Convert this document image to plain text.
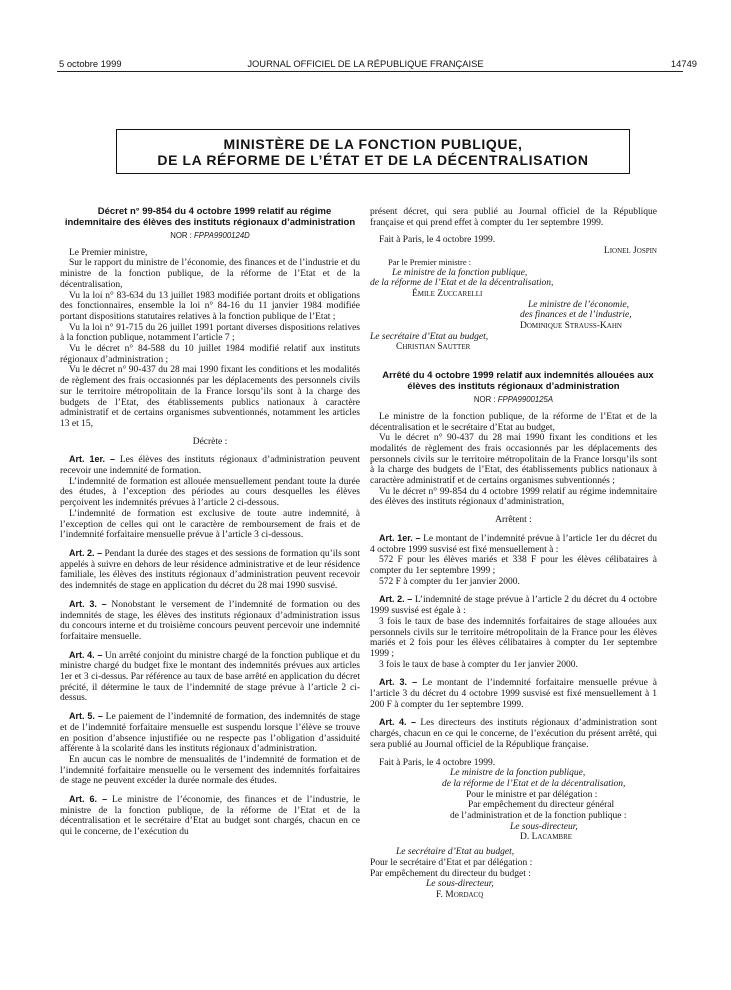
5 octobre 1999	JOURNAL OFFICIEL DE LA RÉPUBLIQUE FRANÇAISE	14749
MINISTÈRE DE LA FONCTION PUBLIQUE,
DE LA RÉFORME DE L’ÉTAT ET DE LA DÉCENTRALISATION

Décret n° 99-854 du 4 octobre 1999 relatif au régime indemnitaire des élèves des instituts régionaux d’administration

NOR : FPPA9900124D

Le Premier ministre,

Sur le rapport du ministre de l’économie, des finances et de l’industrie et du ministre de la fonction publique, de la réforme de l’Etat et de la décentralisation,

Vu la loi n° 83-634 du 13 juillet 1983 modifiée portant droits et obligations des fonctionnaires, ensemble la loi n° 84-16 du 11 janvier 1984 modifiée portant dispositions statutaires relatives à la fonction publique de l’Etat ;

Vu la loi n° 91-715 du 26 juillet 1991 portant diverses dispositions relatives à la fonction publique, notamment l’article 7 ;

Vu le décret n° 84-588 du 10 juillet 1984 modifié relatif aux instituts régionaux d’administration ;

Vu le décret n° 90-437 du 28 mai 1990 fixant les conditions et les modalités de règlement des frais occasionnés par les déplacements des personnels civils sur le territoire métropolitain de la France lorsqu’ils sont à la charge des budgets de l’Etat, des établissements publics nationaux à caractère administratif et de certains organismes subventionnés, notamment les articles 13 et 15,

Décrète :

Art. 1er. – Les élèves des instituts régionaux d’administration peuvent recevoir une indemnité de formation.

L’indemnité de formation est allouée mensuellement pendant toute la durée des études, à l’exception des périodes au cours desquelles les élèves perçoivent les indemnités prévues à l’article 2 ci-dessous.

L’indemnité de formation est exclusive de toute autre indemnité, à l’exception de celles qui ont le caractère de remboursement de frais et de l’indemnité forfaitaire mensuelle prévue à l’article 3 ci-dessous.

Art. 2. – Pendant la durée des stages et des sessions de formation qu’ils sont appelés à suivre en dehors de leur résidence administrative et de leur résidence familiale, les élèves des instituts régionaux d’administration peuvent recevoir des indemnités de stage en application du décret du 28 mai 1990 susvisé.

Art. 3. – Nonobstant le versement de l’indemnité de formation ou des indemnités de stage, les élèves des instituts régionaux d’administration issus du concours interne et du troisième concours peuvent percevoir une indemnité forfaitaire mensuelle.

Art. 4. – Un arrêté conjoint du ministre chargé de la fonction publique et du ministre chargé du budget fixe le montant des indemnités prévues aux articles 1er et 3 ci-dessus. Par référence au taux de base arrêté en application du décret précité, il détermine le taux de l’indemnité de stage prévue à l’article 2 ci-dessus.

Art. 5. – Le paiement de l’indemnité de formation, des indemnités de stage et de l’indemnité forfaitaire mensuelle est suspendu lorsque l’élève se trouve en position d’absence injustifiée ou ne respecte pas l’obligation d’assiduité afférente à la scolarité dans les instituts régionaux d’administration.

En aucun cas le nombre de mensualités de l’indemnité de formation et de l’indemnité forfaitaire mensuelle ou le versement des indemnités forfaitaires de stage ne peuvent excéder la durée normale des études.

Art. 6. – Le ministre de l’économie, des finances et de l’industrie, le ministre de la fonction publique, de la réforme de l’Etat et de la décentralisation et le secrétaire d’Etat au budget sont chargés, chacun en ce qui le concerne, de l’exécution du

présent décret, qui sera publié au Journal officiel de la République française et qui prend effet à compter du 1er septembre 1999.

Fait à Paris, le 4 octobre 1999.

Lionel Jospin

Par le Premier ministre :

Le ministre de la fonction publique,

de la réforme de l’Etat et de la décentralisation,

Émile Zuccarelli

Le ministre de l’économie,

des finances et de l’industrie,

Dominique Strauss-Kahn

Le secrétaire d’Etat au budget,

Christian Sautter

Arrêté du 4 octobre 1999 relatif aux indemnités allouées aux élèves des instituts régionaux d’administration

NOR : FPPA9900125A

Le ministre de la fonction publique, de la réforme de l’Etat et de la décentralisation et le secrétaire d’Etat au budget,

Vu le décret n° 90-437 du 28 mai 1990 fixant les conditions et les modalités de règlement des frais occasionnés par les déplacements des personnels civils sur le territoire métropolitain de la France lorsqu’ils sont à la charge des budgets de l’Etat, des établissements publics nationaux à caractère administratif et de certains organismes subventionnés ;

Vu le décret n° 99-854 du 4 octobre 1999 relatif au régime indemnitaire des élèves des instituts régionaux d’administration,

Arrêtent :

Art. 1er. – Le montant de l’indemnité prévue à l’article 1er du décret du 4 octobre 1999 susvisé est fixé mensuellement à :

572 F pour les élèves mariés et 338 F pour les élèves célibataires à compter du 1er septembre 1999 ;

572 F à compter du 1er janvier 2000.

Art. 2. – L’indemnité de stage prévue à l’article 2 du décret du 4 octobre 1999 susvisé est égale à :

3 fois le taux de base des indemnités forfaitaires de stage allouées aux personnels civils sur le territoire métropolitain de la France pour les élèves mariés et 2 fois pour les élèves célibataires à compter du 1er septembre 1999 ;

3 fois le taux de base à compter du 1er janvier 2000.

Art. 3. – Le montant de l’indemnité forfaitaire mensuelle prévue à l’article 3 du décret du 4 octobre 1999 susvisé est fixé mensuellement à 1 200 F à compter du 1er septembre 1999.

Art. 4. – Les directeurs des instituts régionaux d’administration sont chargés, chacun en ce qui le concerne, de l’exécution du présent arrêté, qui sera publié au Journal officiel de la République française.

Fait à Paris, le 4 octobre 1999.

Le ministre de la fonction publique,

de la réforme de l’Etat et de la décentralisation,

Pour le ministre et par délégation :

Par empêchement du directeur général

de l’administration et de la fonction publique :

Le sous-directeur,

D. Lacambre

Le secrétaire d’Etat au budget,

Pour le secrétaire d’Etat et par délégation :

Par empêchement du directeur du budget :

Le sous-directeur,

F. Mordacq
